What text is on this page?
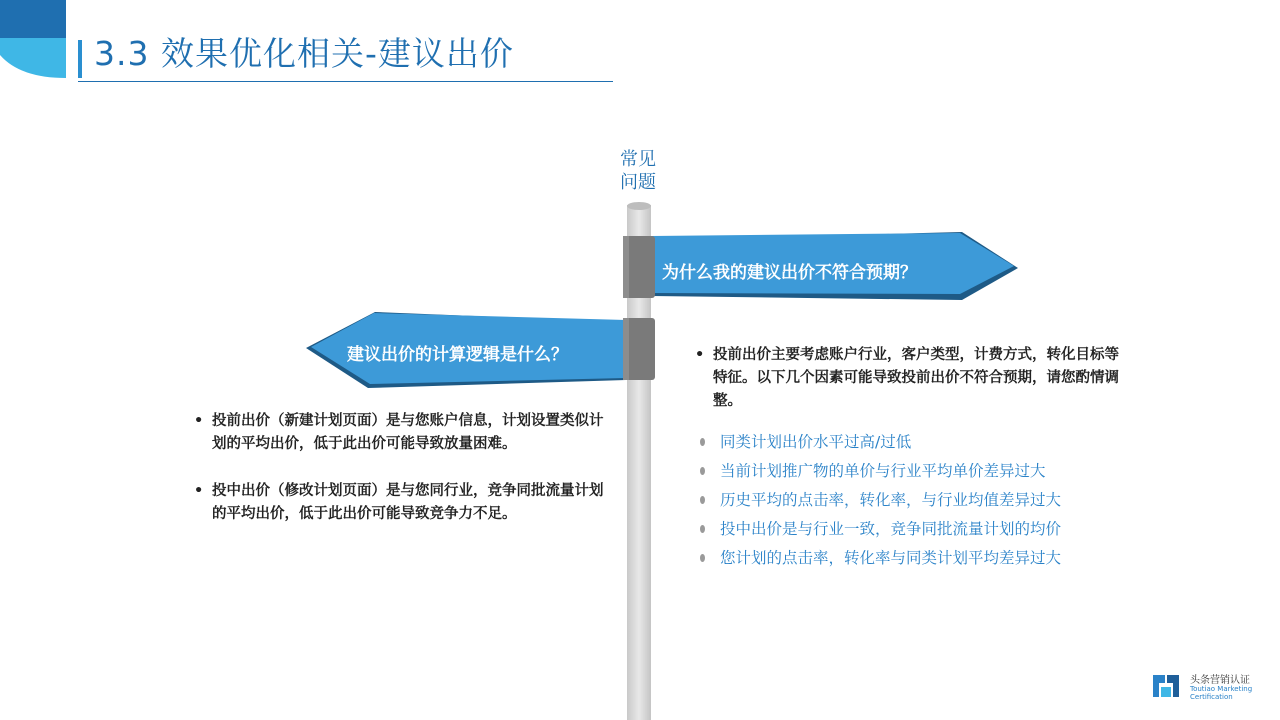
3.3 效果优化相关-建议出价
常见
问题
为什么我的建议出价不符合预期？
建议出价的计算逻辑是什么？
• 投前出价（新建计划页面）是与您账户信息，计划设置类似计划的平均出价，低于此出价可能导致放量困难。
• 投中出价（修改计划页面）是与您同行业，竞争同批流量计划的平均出价，低于此出价可能导致竞争力不足。
• 投前出价主要考虑账户行业，客户类型，计费方式，转化目标等特征。以下几个因素可能导致投前出价不符合预期，请您酌情调整。
同类计划出价水平过高/过低
当前计划推广物的单价与行业平均单价差异过大
历史平均的点击率，转化率，与行业均值差异过大
投中出价是与行业一致，竞争同批流量计划的均价
您计划的点击率，转化率与同类计划平均差异过大
头条营销认证
Toutiao Marketing
Certification
